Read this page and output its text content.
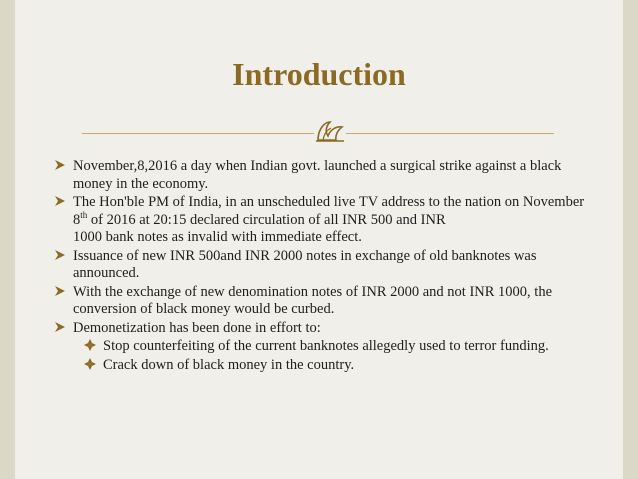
Introduction
November,8,2016 a day when Indian govt. launched a surgical strike against a black money in the economy.
The Hon'ble PM of India, in an unscheduled live TV address to the nation on November 8th of 2016 at 20:15 declared circulation of all INR 500 and INR
1000 bank notes as invalid with immediate effect.
Issuance of new INR 500and INR 2000 notes in exchange of old banknotes was announced.
With the exchange of new denomination notes of INR 2000 and not INR 1000, the conversion of black money would be curbed.
Demonetization has been done in effort to:
Stop counterfeiting of the current banknotes allegedly used to terror funding.
Crack down of black money in the country.
